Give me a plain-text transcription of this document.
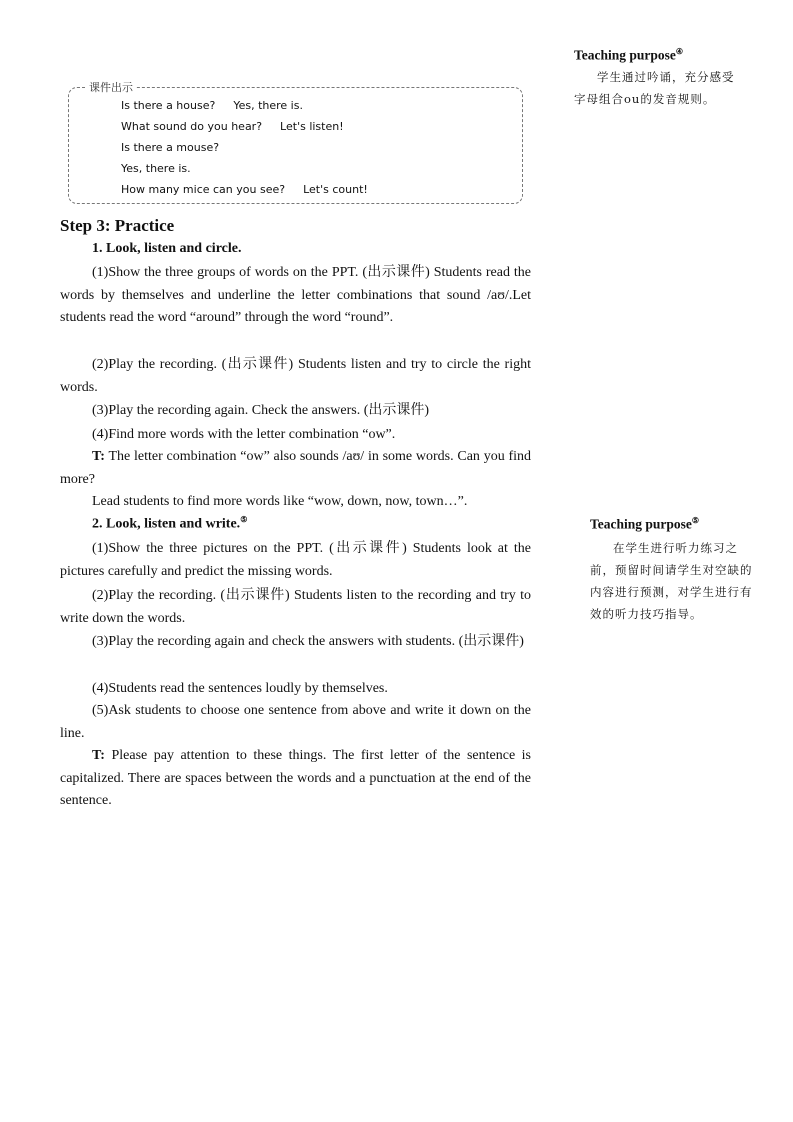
课件出示
Is there a house? Yes, there is.
What sound do you hear? Let's listen!
Is there a mouse?
Yes, there is.
How many mice can you see? Let's count!
Step 3: Practice
1. Look, listen and circle.

(1)Show the three groups of words on the PPT. (出示课件) Students read the words by themselves and underline the letter combinations that sound /aʊ/.Let students read the word “around” through the word “round”.

(2)Play the recording. (出示课件) Students listen and try to circle the right words.

(3)Play the recording again. Check the answers. (出示课件)

(4)Find more words with the letter combination “ow”.

T: The letter combination “ow” also sounds /aʊ/ in some words. Can you find more?

Lead students to find more words like “wow, down, now, town…”.

2. Look, listen and write.⑤

(1)Show the three pictures on the PPT. (出示课件) Students look at the pictures carefully and predict the missing words.

(2)Play the recording. (出示课件) Students listen to the recording and try to write down the words.

(3)Play the recording again and check the answers with students. (出示课件)

(4)Students read the sentences loudly by themselves.

(5)Ask students to choose one sentence from above and write it down on the line.

T: Please pay attention to these things. The first letter of the sentence is capitalized. There are spaces between the words and a punctuation at the end of the sentence.

Teaching purpose④

学生通过吟诵，充分感受字母组合ou的发音规则。

Teaching purpose⑤

在学生进行听力练习之前，预留时间请学生对空缺的内容进行预测，对学生进行有效的听力技巧指导。
